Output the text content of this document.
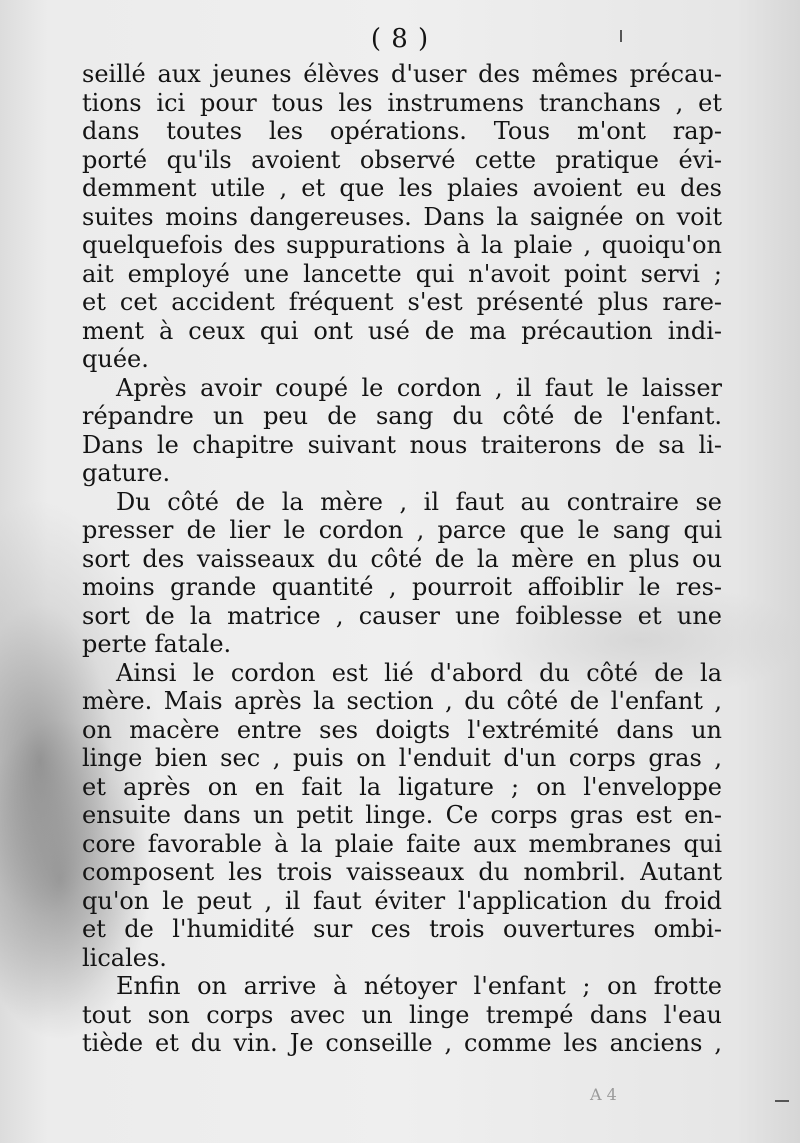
( 8 )
seillé aux jeunes élèves d'user des mêmes précau-
tions ici pour tous les instrumens tranchans , et
dans toutes les opérations. Tous m'ont rap-
porté qu'ils avoient observé cette pratique évi-
demment utile , et que les plaies avoient eu des
suites moins dangereuses. Dans la saignée on voit
quelquefois des suppurations à la plaie , quoiqu'on
ait employé une lancette qui n'avoit point servi ;
et cet accident fréquent s'est présenté plus rare-
ment à ceux qui ont usé de ma précaution indi-
quée.
Après avoir coupé le cordon , il faut le laisser
répandre un peu de sang du côté de l'enfant.
Dans le chapitre suivant nous traiterons de sa li-
gature.
Du côté de la mère , il faut au contraire se
presser de lier le cordon , parce que le sang qui
sort des vaisseaux du côté de la mère en plus ou
moins grande quantité , pourroit affoiblir le res-
sort de la matrice , causer une foiblesse et une
perte fatale.
Ainsi le cordon est lié d'abord du côté de la
mère. Mais après la section , du côté de l'enfant ,
on macère entre ses doigts l'extrémité dans un
linge bien sec , puis on l'enduit d'un corps gras ,
et après on en fait la ligature ; on l'enveloppe
ensuite dans un petit linge. Ce corps gras est en-
core favorable à la plaie faite aux membranes qui
composent les trois vaisseaux du nombril. Autant
qu'on le peut , il faut éviter l'application du froid
et de l'humidité sur ces trois ouvertures ombi-
licales.
Enfin on arrive à nétoyer l'enfant ; on frotte
tout son corps avec un linge trempé dans l'eau
tiède et du vin. Je conseille , comme les anciens ,
A 4
